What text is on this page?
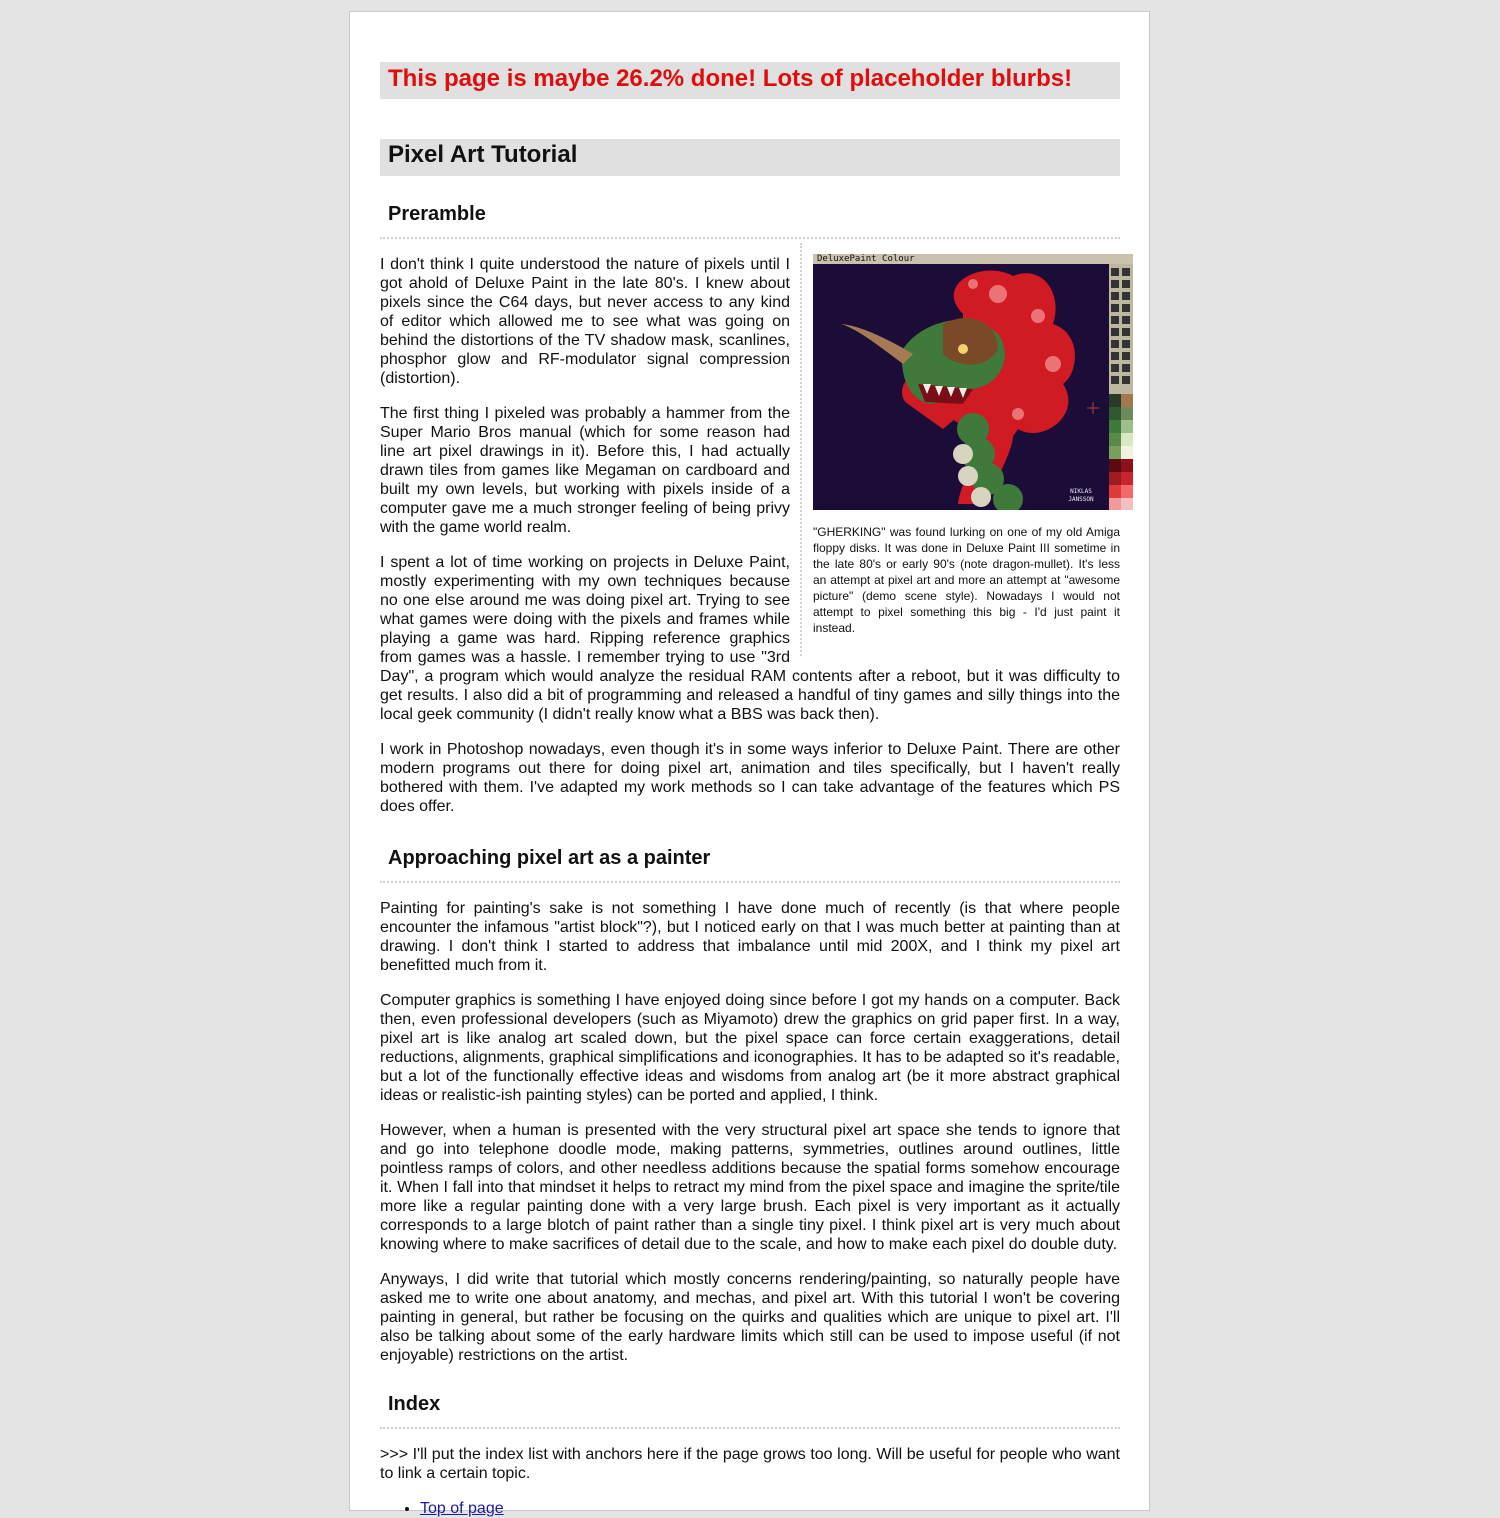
This page is maybe 26.2% done! Lots of placeholder blurbs!
Pixel Art Tutorial
Preramble
DeluxePaint Colour
NIKLAS
JANSSON
"GHERKING" was found lurking on one of my old Amiga floppy disks. It was done in Deluxe Paint III sometime in the late 80's or early 90's (note dragon-mullet). It's less an attempt at pixel art and more an attempt at "awesome picture" (demo scene style). Nowadays I would not attempt to pixel something this big - I'd just paint it instead.

I don't think I quite understood the nature of pixels until I got ahold of Deluxe Paint in the late 80's. I knew about pixels since the C64 days, but never access to any kind of editor which allowed me to see what was going on behind the distortions of the TV shadow mask, scanlines, phosphor glow and RF-modulator signal compression (distortion).

The first thing I pixeled was probably a hammer from the Super Mario Bros manual (which for some reason had line art pixel drawings in it). Before this, I had actually drawn tiles from games like Megaman on cardboard and built my own levels, but working with pixels inside of a computer gave me a much stronger feeling of being privy with the game world realm.

I spent a lot of time working on projects in Deluxe Paint, mostly experimenting with my own techniques because no one else around me was doing pixel art. Trying to see what games were doing with the pixels and frames while playing a game was hard. Ripping reference graphics from games was a hassle. I remember trying to use "3rd Day", a program which would analyze the residual RAM contents after a reboot, but it was difficulty to get results. I also did a bit of programming and released a handful of tiny games and silly things into the local geek community (I didn't really know what a BBS was back then).

I work in Photoshop nowadays, even though it's in some ways inferior to Deluxe Paint. There are other modern programs out there for doing pixel art, animation and tiles specifically, but I haven't really bothered with them. I've adapted my work methods so I can take advantage of the features which PS does offer.

Approaching pixel art as a painter

Painting for painting's sake is not something I have done much of recently (is that where people encounter the infamous "artist block"?), but I noticed early on that I was much better at painting than at drawing. I don't think I started to address that imbalance until mid 200X, and I think my pixel art benefitted much from it.

Computer graphics is something I have enjoyed doing since before I got my hands on a computer. Back then, even professional developers (such as Miyamoto) drew the graphics on grid paper first. In a way, pixel art is like analog art scaled down, but the pixel space can force certain exaggerations, detail reductions, alignments, graphical simplifications and iconographies. It has to be adapted so it's readable, but a lot of the functionally effective ideas and wisdoms from analog art (be it more abstract graphical ideas or realistic-ish painting styles) can be ported and applied, I think.

However, when a human is presented with the very structural pixel art space she tends to ignore that and go into telephone doodle mode, making patterns, symmetries, outlines around outlines, little pointless ramps of colors, and other needless additions because the spatial forms somehow encourage it. When I fall into that mindset it helps to retract my mind from the pixel space and imagine the sprite/tile more like a regular painting done with a very large brush. Each pixel is very important as it actually corresponds to a large blotch of paint rather than a single tiny pixel. I think pixel art is very much about knowing where to make sacrifices of detail due to the scale, and how to make each pixel do double duty.

Anyways, I did write that tutorial which mostly concerns rendering/painting, so naturally people have asked me to write one about anatomy, and mechas, and pixel art. With this tutorial I won't be covering painting in general, but rather be focusing on the quirks and qualities which are unique to pixel art. I'll also be talking about some of the early hardware limits which still can be used to impose useful (if not enjoyable) restrictions on the artist.

Index

>>> I'll put the index list with anchors here if the page grows too long. Will be useful for people who want to link a certain topic.

• Top of page
